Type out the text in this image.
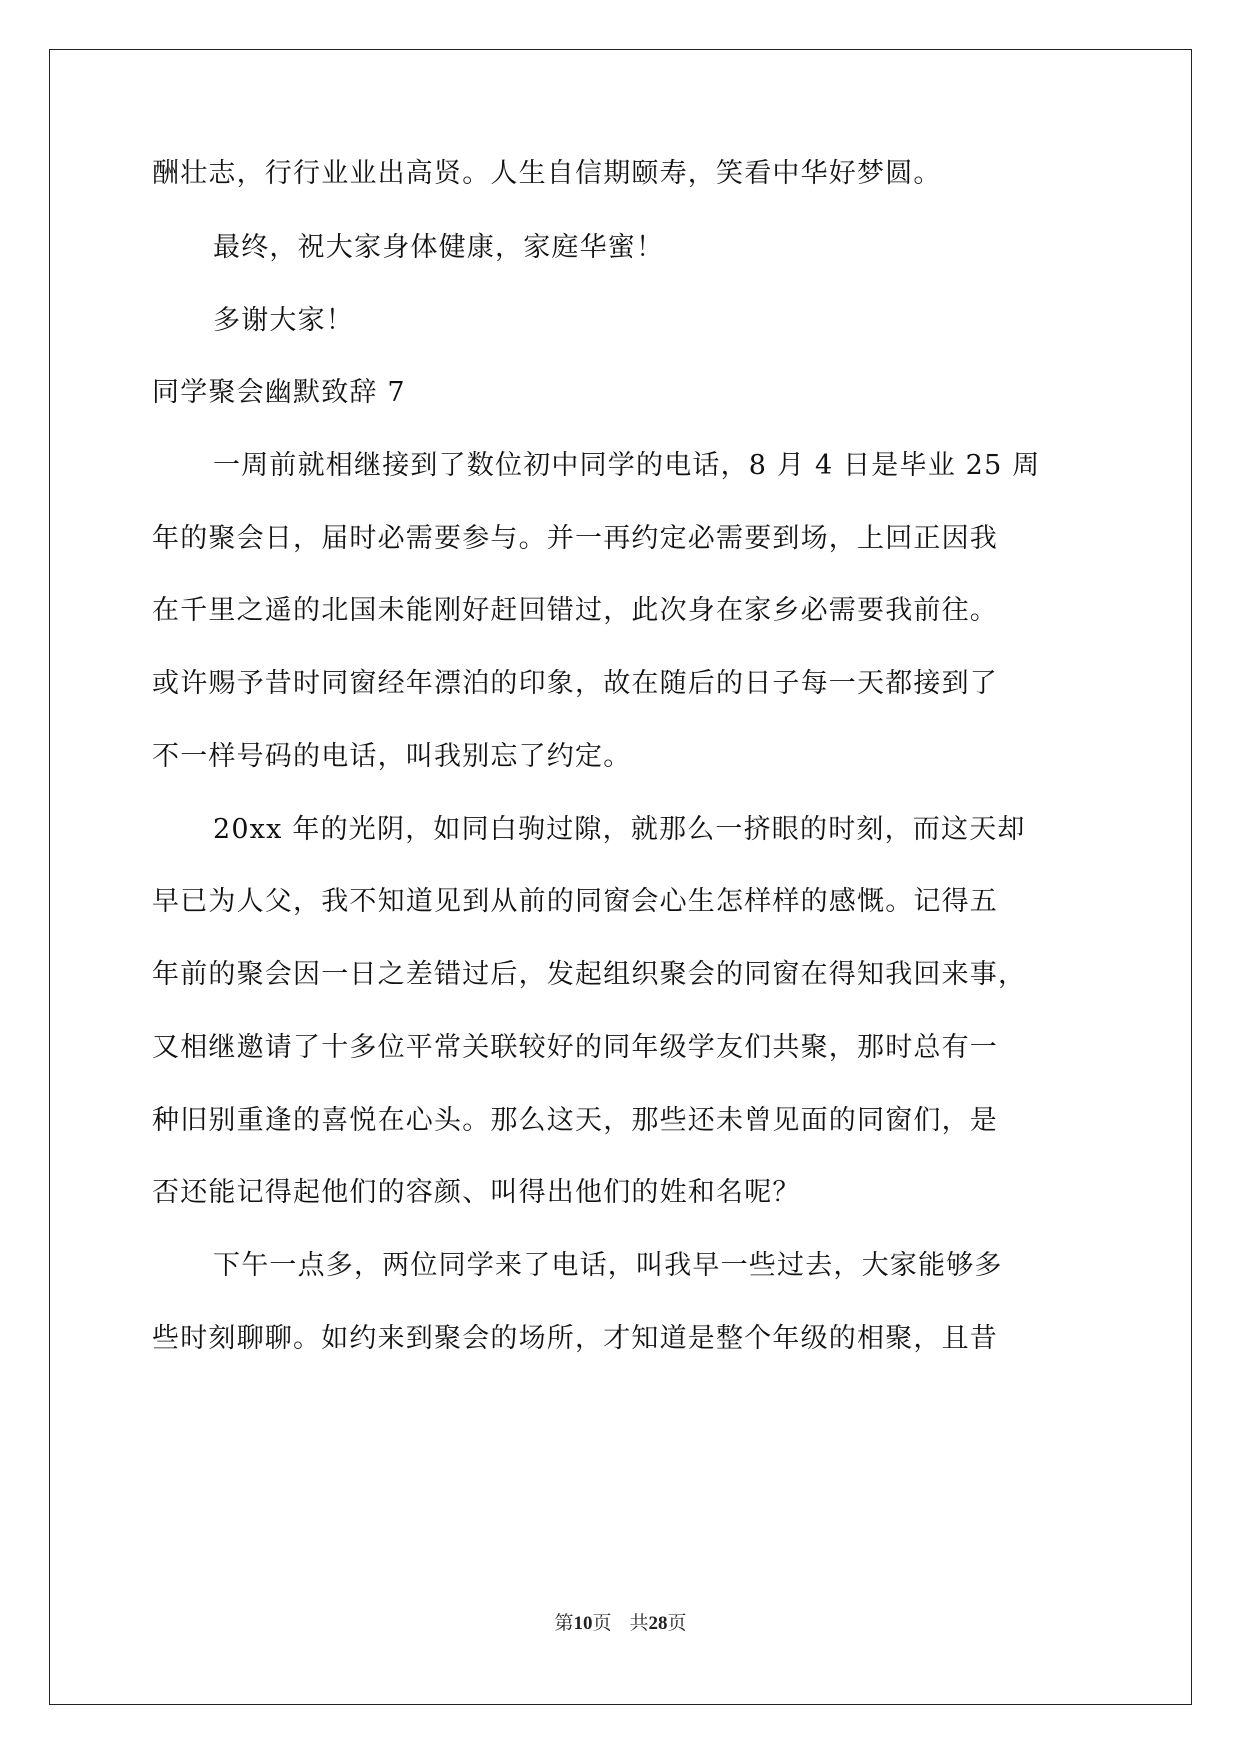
酬壮志，行行业业出高贤。人生自信期颐寿，笑看中华好梦圆。
最终，祝大家身体健康，家庭华蜜！
多谢大家！
同学聚会幽默致辞 7
一周前就相继接到了数位初中同学的电话，8 月 4 日是毕业 25 周
年的聚会日，届时必需要参与。并一再约定必需要到场，上回正因我
在千里之遥的北国未能刚好赶回错过，此次身在家乡必需要我前往。
或许赐予昔时同窗经年漂泊的印象，故在随后的日子每一天都接到了
不一样号码的电话，叫我别忘了约定。
20xx 年的光阴，如同白驹过隙，就那么一挤眼的时刻，而这天却
早已为人父，我不知道见到从前的同窗会心生怎样样的感慨。记得五
年前的聚会因一日之差错过后，发起组织聚会的同窗在得知我回来事，
又相继邀请了十多位平常关联较好的同年级学友们共聚，那时总有一
种旧别重逢的喜悦在心头。那么这天，那些还未曾见面的同窗们，是
否还能记得起他们的容颜、叫得出他们的姓和名呢？
下午一点多，两位同学来了电话，叫我早一些过去，大家能够多
些时刻聊聊。如约来到聚会的场所，才知道是整个年级的相聚，且昔
第10页 共28页
